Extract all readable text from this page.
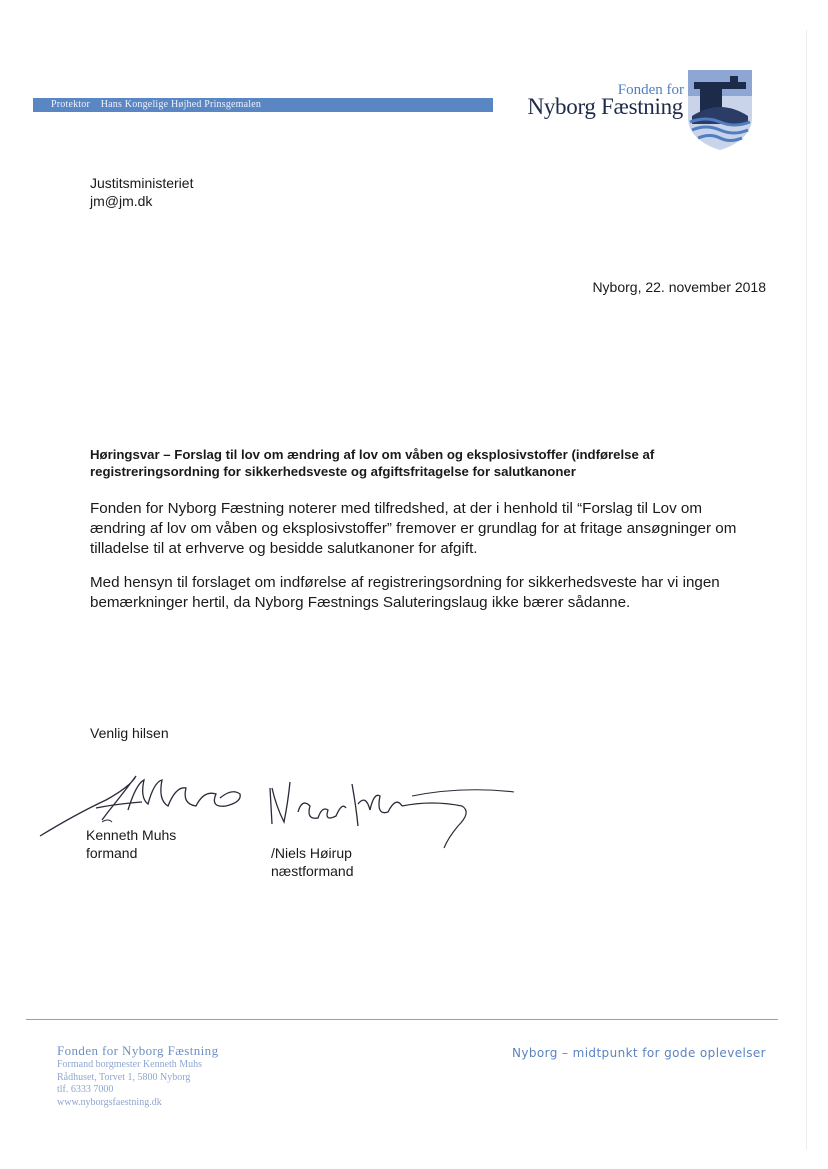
Protektor Hans Kongelige Højhed Prinsgemalen
Fonden for
Nyborg Fæstning
Justitsministeriet
jm@jm.dk
Nyborg, 22. november 2018
Høringsvar – Forslag til lov om ændring af lov om våben og eksplosivstoffer (indførelse af registreringsordning for sikkerhedsveste og afgiftsfritagelse for salutkanoner
Fonden for Nyborg Fæstning noterer med tilfredshed, at der i henhold til “Forslag til Lov om ændring af lov om våben og eksplosivstoffer” fremover er grundlag for at fritage ansøgninger om tilladelse til at erhverve og besidde salutkanoner for afgift.
Med hensyn til forslaget om indførelse af registreringsordning for sikkerhedsveste har vi ingen bemærkninger hertil, da Nyborg Fæstnings Saluteringslaug ikke bærer sådanne.
Venlig hilsen
Kenneth Muhs
formand	/Niels Høirup
næstformand
Fonden for Nyborg Fæstning
Formand borgmester Kenneth Muhs
Rådhuset, Torvet 1, 5800 Nyborg
tlf. 6333 7000
www.nyborgsfaestning.dk
Nyborg – midtpunkt for gode oplevelser
